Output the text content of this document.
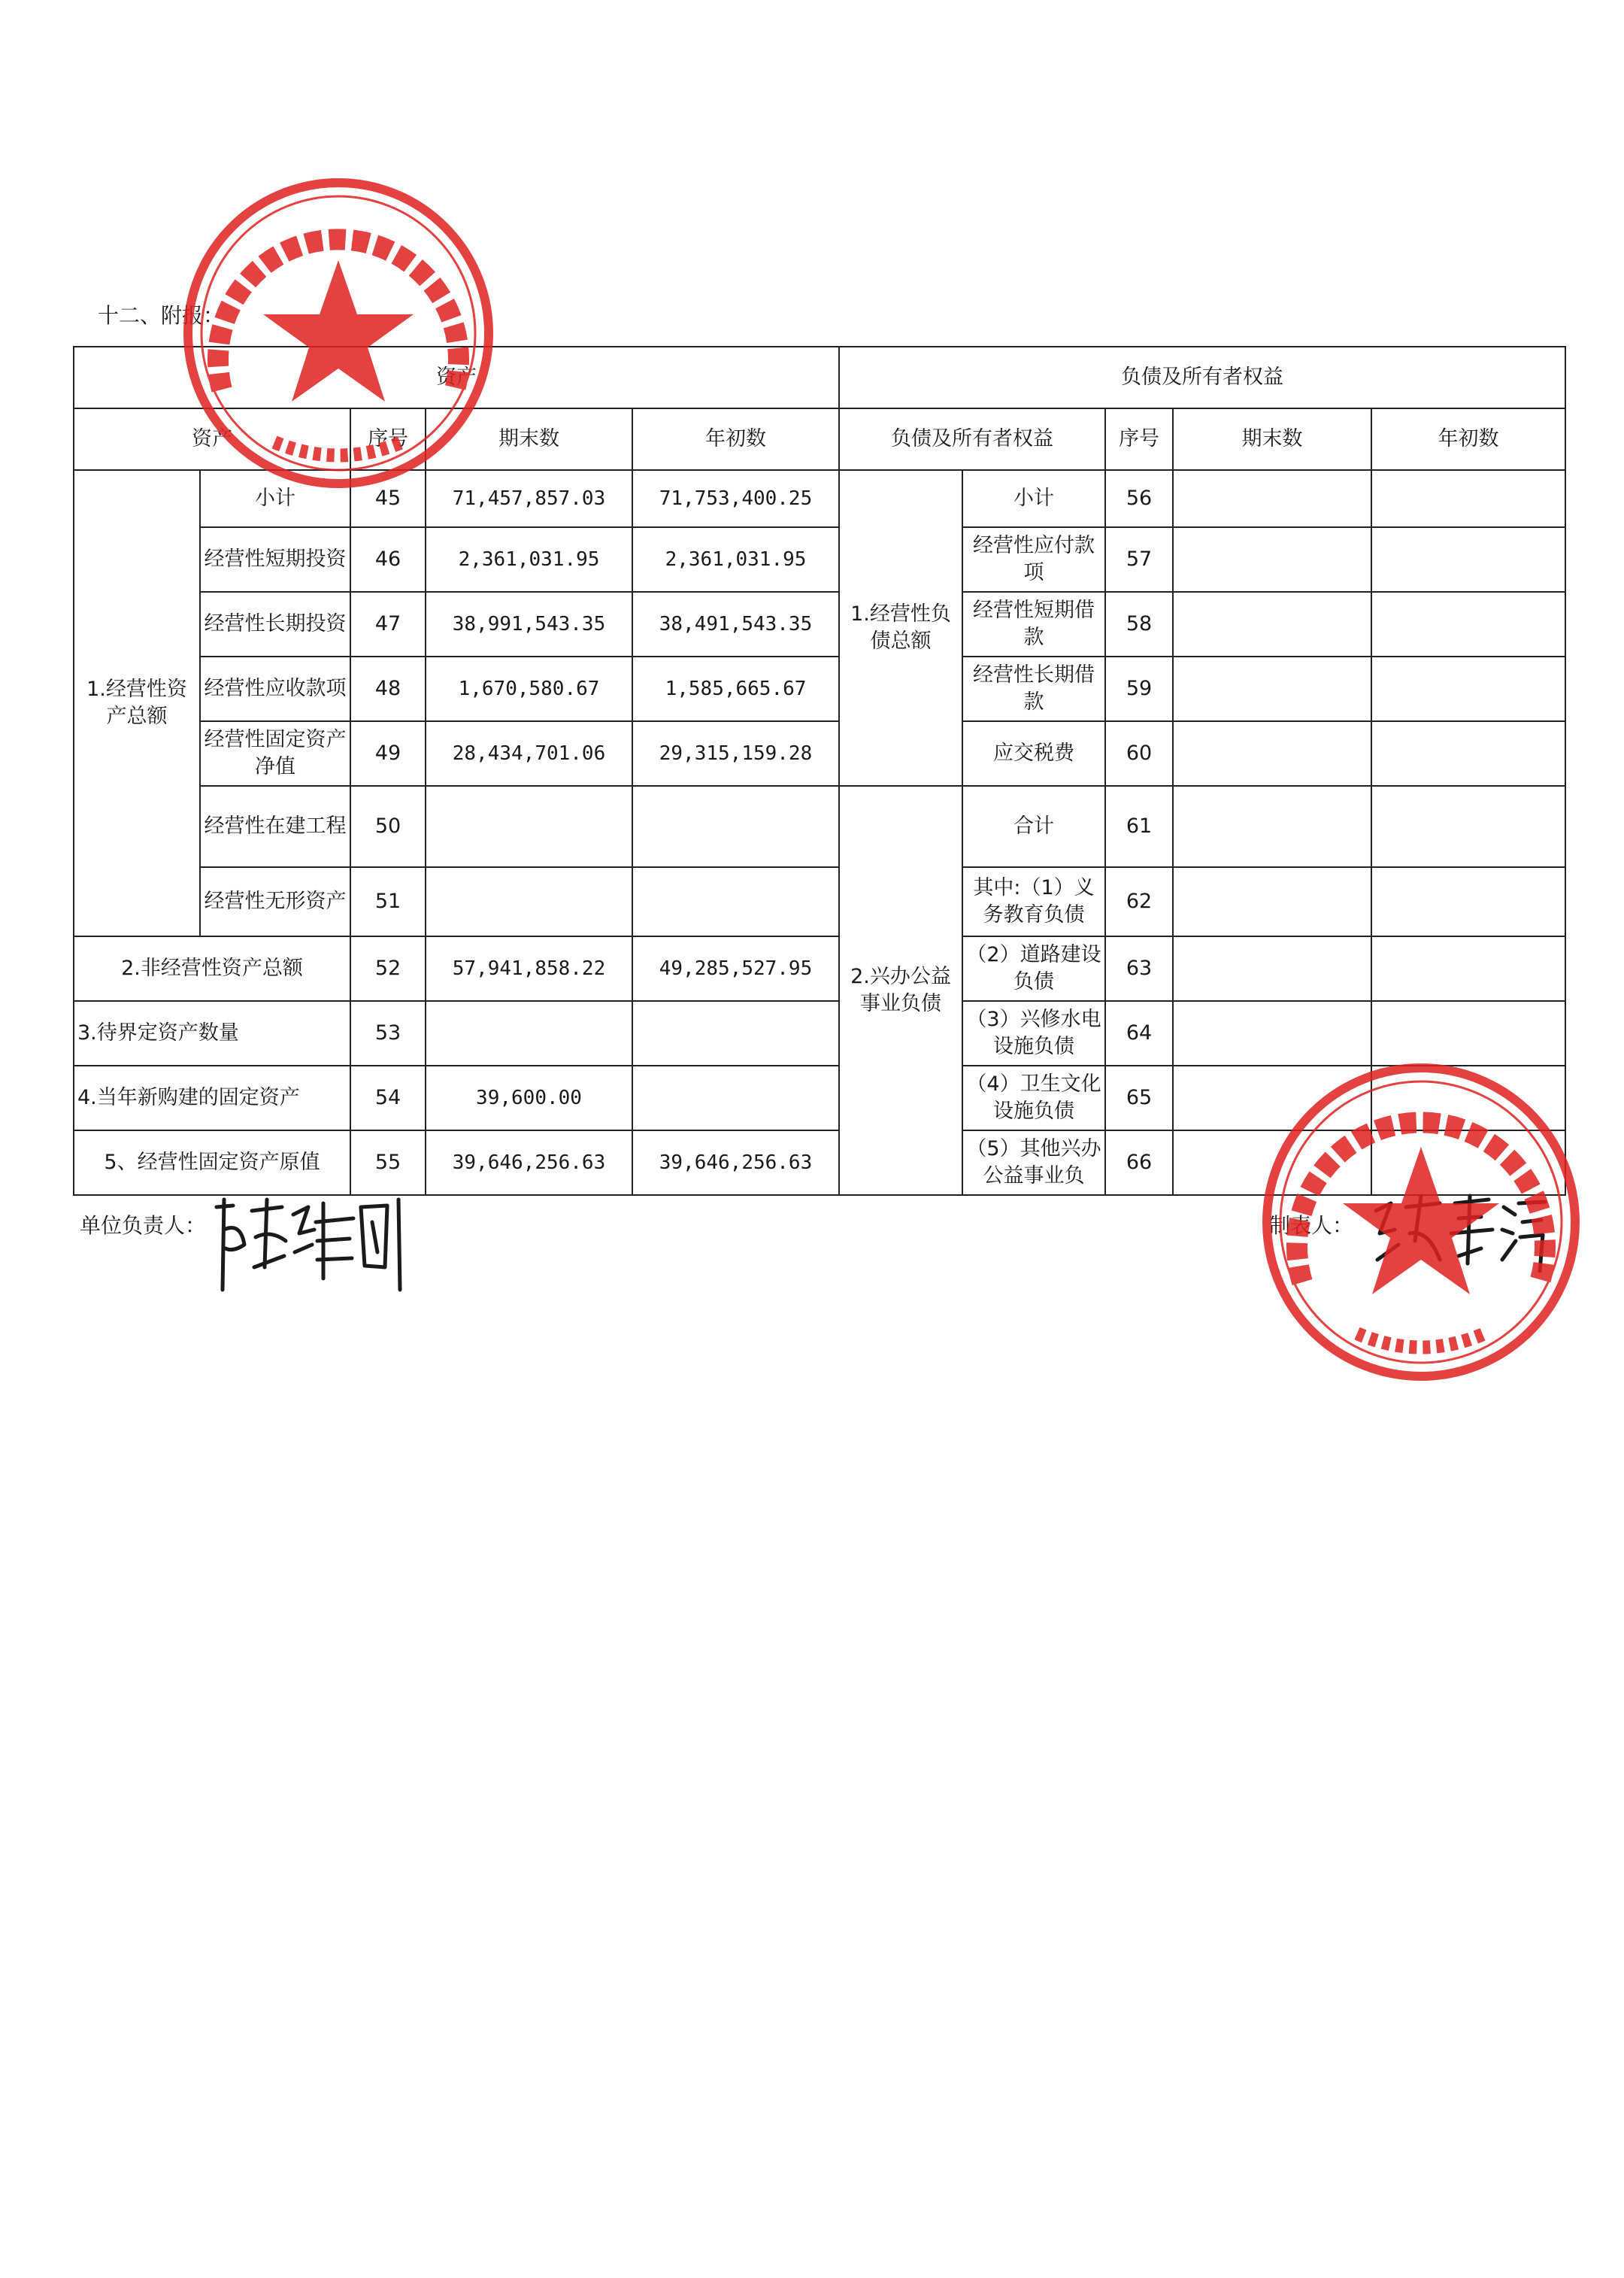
十二、附报：
资产					负债及所有者权益				
资产		序号	期末数	年初数	负债及所有者权益		序号	期末数	年初数
1.经营性资产总额	小计	45	71,457,857.03	71,753,400.25	1.经营性负债总额	小计	56		
	经营性短期投资	46	2,361,031.95	2,361,031.95		经营性应付款项	57		
	经营性长期投资	47	38,991,543.35	38,491,543.35		经营性短期借款	58		
	经营性应收款项	48	1,670,580.67	1,585,665.67		经营性长期借款	59		
	经营性固定资产净值	49	28,434,701.06	29,315,159.28		应交税费	60		
	经营性在建工程	50			2.兴办公益事业负债	合计	61		
	经营性无形资产	51				其中:（1）义务教育负债	62		
2.非经营性资产总额		52	57,941,858.22	49,285,527.95		（2）道路建设负债	63		
3.待界定资产数量		53				（3）兴修水电设施负债	64		
4.当年新购建的固定资产		54	39,600.00			（4）卫生文化设施负债	65		
5、经营性固定资产原值		55	39,646,256.63	39,646,256.63		（5）其他兴办公益事业负	66		
单位负责人：	制表人：
